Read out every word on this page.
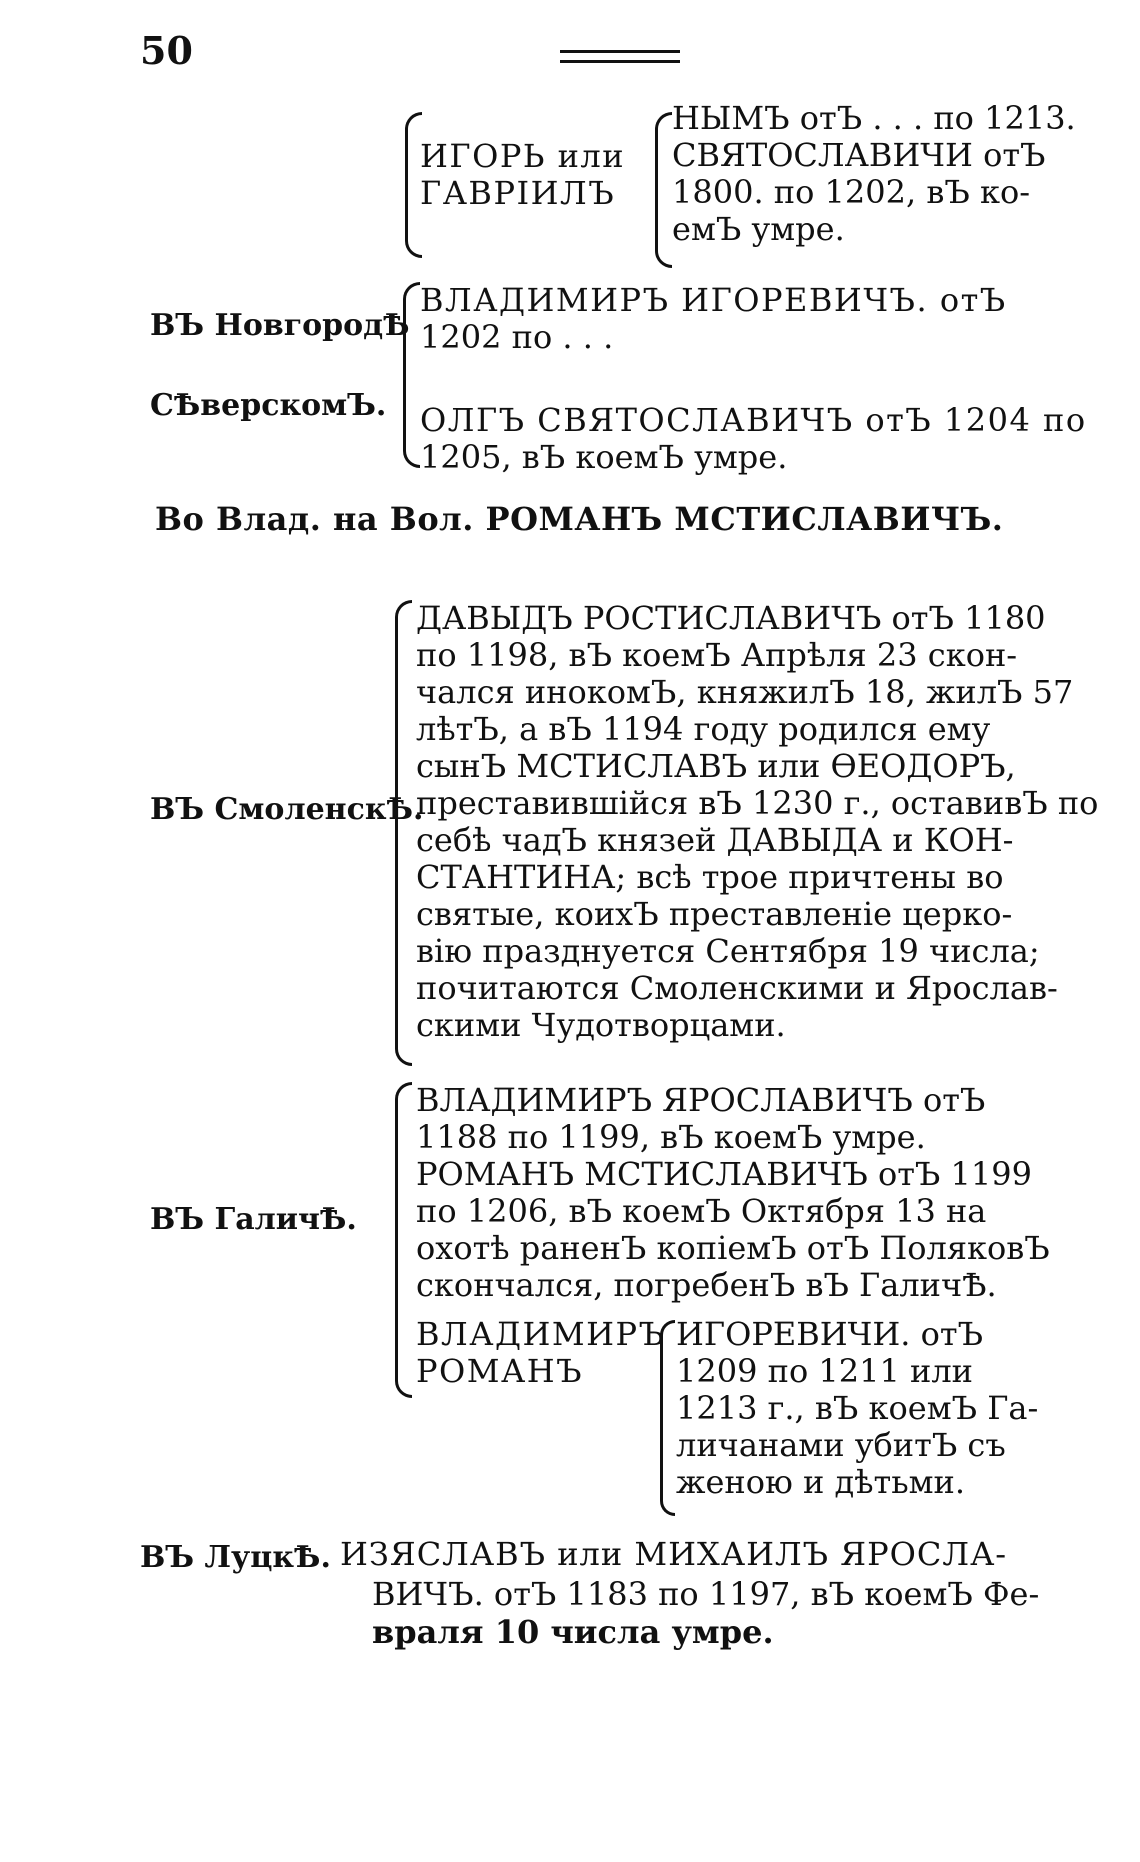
50
ИГОРЬ или
ГАВРІИЛЪ
НЫМЪ отЪ . . . по 1213.
СВЯТОСЛАВИЧИ отЪ
1800. по 1202, вЪ ко-
емЪ умре.
ВЪ НовгородѢ
СѢверскомЪ.
ВЛАДИМИРЪ ИГОРЕВИЧЪ. отЪ
1202 по . . .
ОЛГЪ СВЯТОСЛАВИЧЪ отЪ 1204 по
1205, вЪ коемЪ умре.
Во Влад. на Вол. РОМАНЪ МСТИСЛАВИЧЪ.
ВЪ СмоленскѢ.
ДАВЫДЪ РОСТИСЛАВИЧЪ отЪ 1180
по 1198, вЪ коемЪ Апрѣля 23 скон-
чался инокомЪ, княжилЪ 18, жилЪ 57
лѣтЪ, а вЪ 1194 году родился ему
сынЪ МСТИСЛАВЪ или ѲЕОДОРЪ,
преставившійся вЪ 1230 г., оставивЪ по
себѣ чадЪ князей ДАВЫДА и КОН-
СТАНТИНА; всѣ трое причтены во
святые, коихЪ преставленіе церко-
вію празднуется Сентября 19 числа;
почитаются Смоленскими и Ярослав-
скими Чудотворцами.
ВЪ ГаличѢ.
ВЛАДИМИРЪ ЯРОСЛАВИЧЪ отЪ
1188 по 1199, вЪ коемЪ умре.
РОМАНЪ МСТИСЛАВИЧЪ отЪ 1199
по 1206, вЪ коемЪ Октября 13 на
охотѣ раненЪ копіемЪ отЪ ПоляковЪ
скончался, погребенЪ вЪ ГаличѢ.
ВЛАДИМИРЪ
РОМАНЪ
ИГОРЕВИЧИ. отЪ
1209 по 1211 или
1213 г., вЪ коемЪ Га-
личанами убитЪ съ
женою и дѣтьми.
ВЪ ЛуцкѢ. ИЗЯСЛАВЪ или МИХАИЛЪ ЯРОСЛА-
ВИЧЪ. отЪ 1183 по 1197, вЪ коемЪ Фе-
враля 10 числа умре.
